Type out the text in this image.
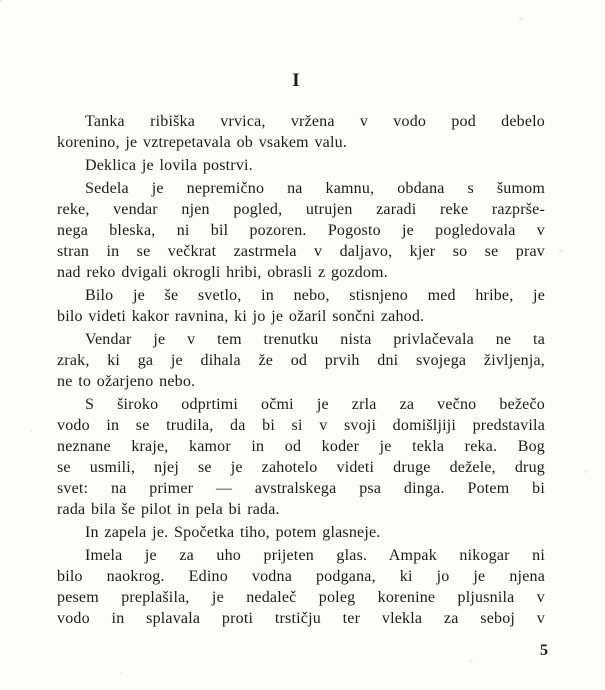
I

Tanka ribiška vrvica, vržena v vodo pod debelo
korenino, je vztrepetavala ob vsakem valu.

Deklica je lovila postrvi.

Sedela je nepremično na kamnu, obdana s šumom
reke, vendar njen pogled, utrujen zaradi reke razprše-
nega bleska, ni bil pozoren. Pogosto je pogledovala v
stran in se večkrat zastrmela v daljavo, kjer so se prav
nad reko dvigali okrogli hribi, obrasli z gozdom.

Bilo je še svetlo, in nebo, stisnjeno med hribe, je
bilo videti kakor ravnina, ki jo je ožaril sončni zahod.

Vendar je v tem trenutku nista privlačevala ne ta
zrak, ki ga je dihala že od prvih dni svojega življenja,
ne to ožarjeno nebo.

S široko odprtimi očmi je zrla za večno bežečo
vodo in se trudila, da bi si v svoji domišljiji predstavila
neznane kraje, kamor in od koder je tekla reka. Bog
se usmili, njej se je zahotelo videti druge dežele, drug
svet: na primer — avstralskega psa dinga. Potem bi
rada bila še pilot in pela bi rada.

In zapela je. Spočetka tiho, potem glasneje.

Imela je za uho prijeten glas. Ampak nikogar ni
bilo naokrog. Edino vodna podgana, ki jo je njena
pesem preplašila, je nedaleč poleg korenine pljusnila v
vodo in splavala proti trstičju ter vlekla za seboj v

5
